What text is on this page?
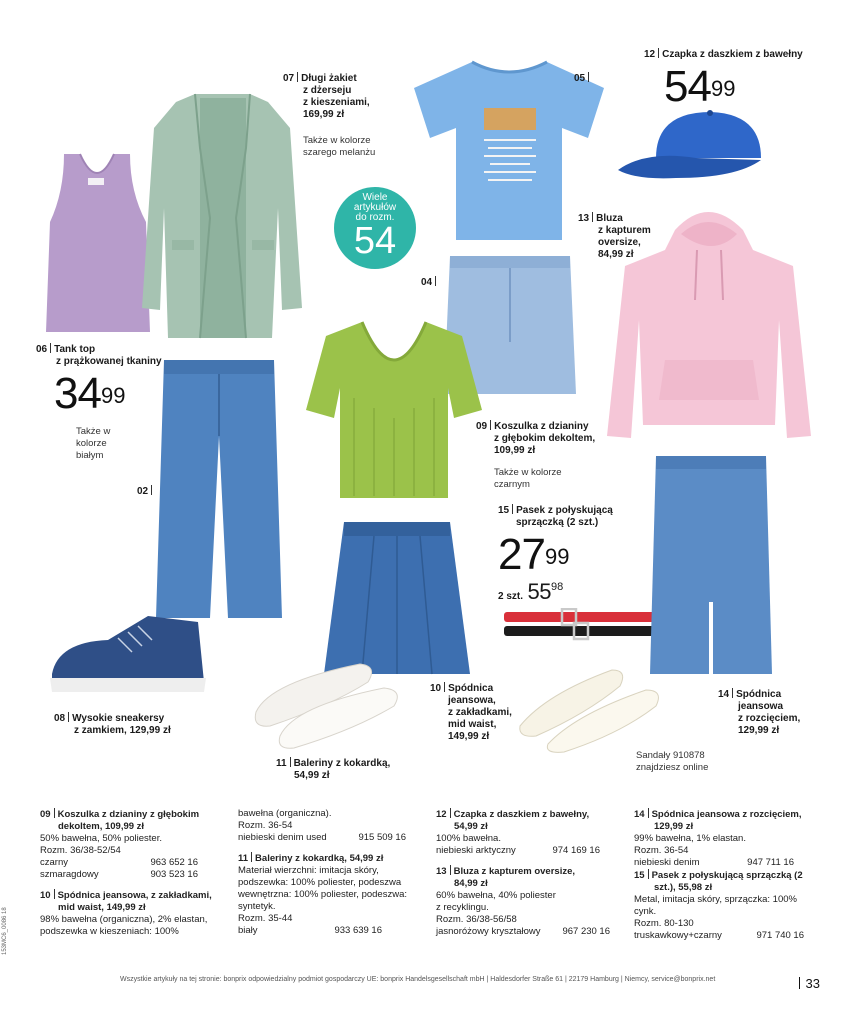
Wiele
artykułów
do rozm.
54
07 Długi żakiet
z dżerseju
z kieszeniami,
169,99 zł
Także w kolorze
szarego melanżu
05
12 Czapka z daszkiem z bawełny
$54^{99}$
13 Bluza
z kapturem
oversize,
84,99 zł
04
06 Tank top
z prążkowanej tkaniny
$34^{99}$
Także w
kolorze
białym
02
09 Koszulka z dzianiny
z głębokim dekoltem,
109,99 zł
Także w kolorze
czarnym
15 Pasek z połyskującą
sprzączką (2 szt.)
$27^{99}$
2 szt. $55^{98}$
08 Wysokie sneakersy
z zamkiem, 129,99 zł
10 Spódnica
jeansowa,
z zakładkami,
mid waist,
149,99 zł
11 Baleriny z kokardką,
54,99 zł
Sandały 910878
znajdziesz online
14 Spódnica
jeansowa
z rozcięciem,
129,99 zł
09 Koszulka z dzianiny z głębokim
dekoltem, 109,99 zł
50% bawełna, 50% poliester.
Rozm. 36/38-52/54
czarny	963 652 16
szmaragdowy	903 523 16
10 Spódnica jeansowa, z zakładkami,
mid waist, 149,99 zł
98% bawełna (organiczna), 2% elastan,
podszewka w kieszeniach: 100%
bawełna (organiczna).
Rozm. 36-54
niebieski denim used	915 509 16
11 Baleriny z kokardką, 54,99 zł
Materiał wierzchni: imitacja skóry,
podszewka: 100% poliester, podeszwa
wewnętrzna: 100% poliester, podeszwa:
syntetyk.
Rozm. 35-44
biały	933 639 16
12 Czapka z daszkiem z bawełny,
54,99 zł
100% bawełna.
niebieski arktyczny	974 169 16
13 Bluza z kapturem oversize,
84,99 zł
60% bawełna, 40% poliester
z recyklingu.
Rozm. 36/38-56/58
jasnoróżowy kryształowy 967 230 16
14 Spódnica jeansowa z rozcięciem,
129,99 zł
99% bawełna, 1% elastan.
Rozm. 36-54
niebieski denim	947 711 16
15 Pasek z połyskującą sprzączką (2
szt.), 55,98 zł
Metal, imitacja skóry, sprzączka: 100%
cynk.
Rozm. 80-130
truskawkowy+czarny	971 740 16
Wszystkie artykuły na tej stronie: bonprix odpowiedzialny podmiot gospodarczy UE: bonprix Handelsgesellschaft mbH | Haldesdorfer Straße 61 | 22179 Hamburg | Niemcy, service@bonprix.net	33
153MC6_0086 18
